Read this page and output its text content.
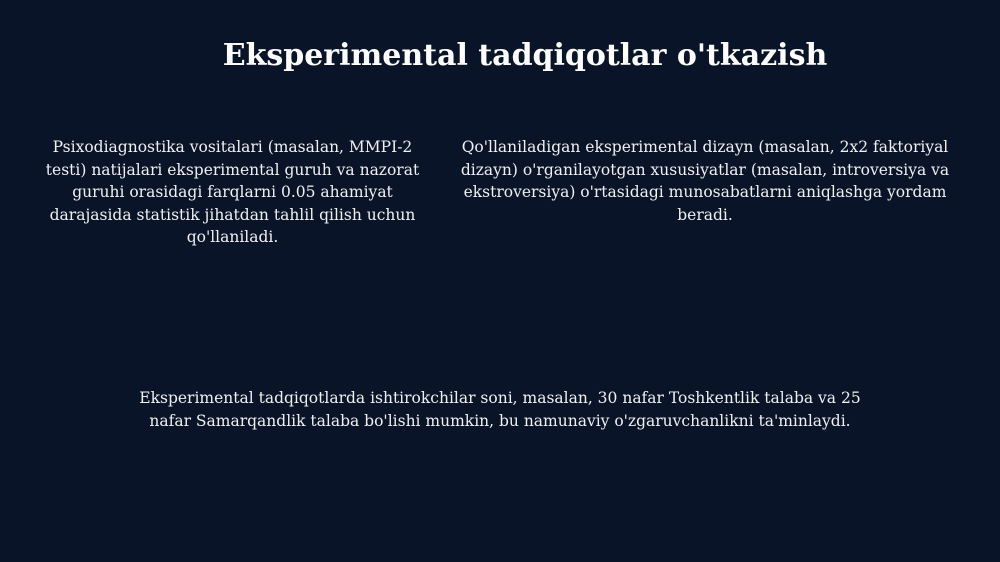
Eksperimental tadqiqotlar o'tkazish
Psixodiagnostika vositalari (masalan, MMPI-2 testi) natijalari eksperimental guruh va nazorat guruhi orasidagi farqlarni 0.05 ahamiyat darajasida statistik jihatdan tahlil qilish uchun qo'llaniladi.
Qo'llaniladigan eksperimental dizayn (masalan, 2x2 faktoriyal dizayn) o'rganilayotgan xususiyatlar (masalan, introversiya va ekstroversiya) o'rtasidagi munosabatlarni aniqlashga yordam beradi.
Eksperimental tadqiqotlarda ishtirokchilar soni, masalan, 30 nafar Toshkentlik talaba va 25 nafar Samarqandlik talaba bo'lishi mumkin, bu namunaviy o'zgaruvchanlikni ta'minlaydi.
